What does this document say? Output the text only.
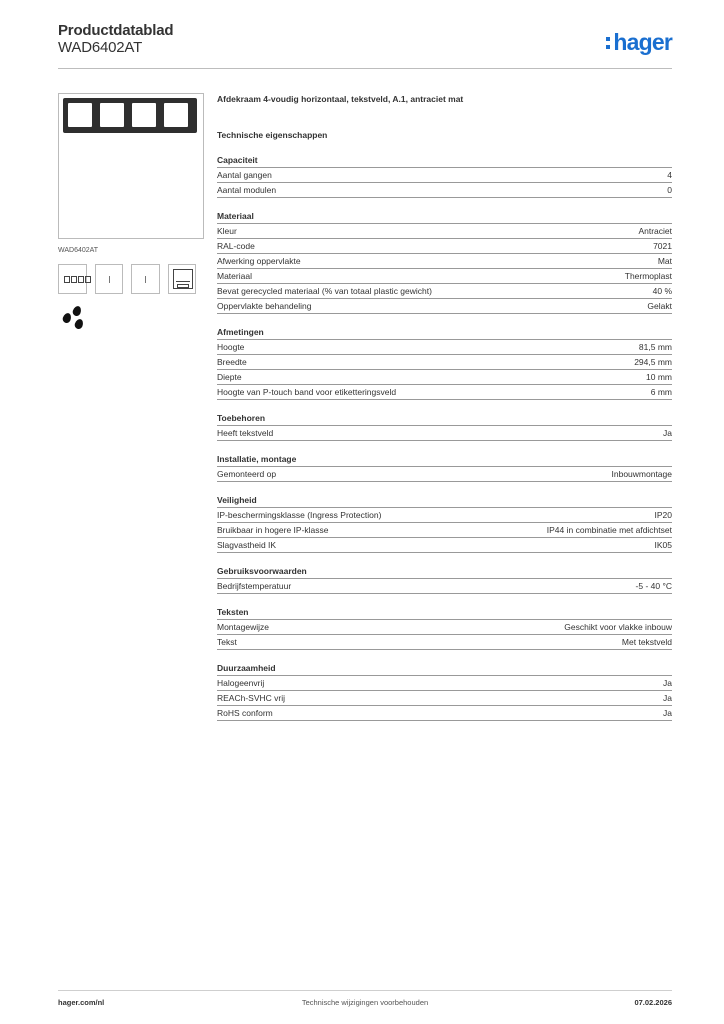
Productdatablad
WAD6402AT	hager
WAD6402AT
Afdekraam 4-voudig horizontaal, tekstveld, A.1, antraciet mat
Technische eigenschappen
Capaciteit
Aantal gangen	4
Aantal modulen	0
Materiaal
Kleur	Antraciet
RAL-code	7021
Afwerking oppervlakte	Mat
Materiaal	Thermoplast
Bevat gerecycled materiaal (% van totaal plastic gewicht)	40 %
Oppervlakte behandeling	Gelakt
Afmetingen
Hoogte	81,5 mm
Breedte	294,5 mm
Diepte	10 mm
Hoogte van P-touch band voor etiketteringsveld	6 mm
Toebehoren
Heeft tekstveld	Ja
Installatie, montage
Gemonteerd op	Inbouwmontage
Veiligheid
IP-beschermingsklasse (Ingress Protection)	IP20
Bruikbaar in hogere IP-klasse	IP44 in combinatie met afdichtset
Slagvastheid IK	IK05
Gebruiksvoorwaarden
Bedrijfstemperatuur	-5 - 40 °C
Teksten
Montagewijze	Geschikt voor vlakke inbouw
Tekst	Met tekstveld
Duurzaamheid
Halogeenvrij	Ja
REACh-SVHC vrij	Ja
RoHS conform	Ja
hager.com/nl	Technische wijzigingen voorbehouden	07.02.2026
